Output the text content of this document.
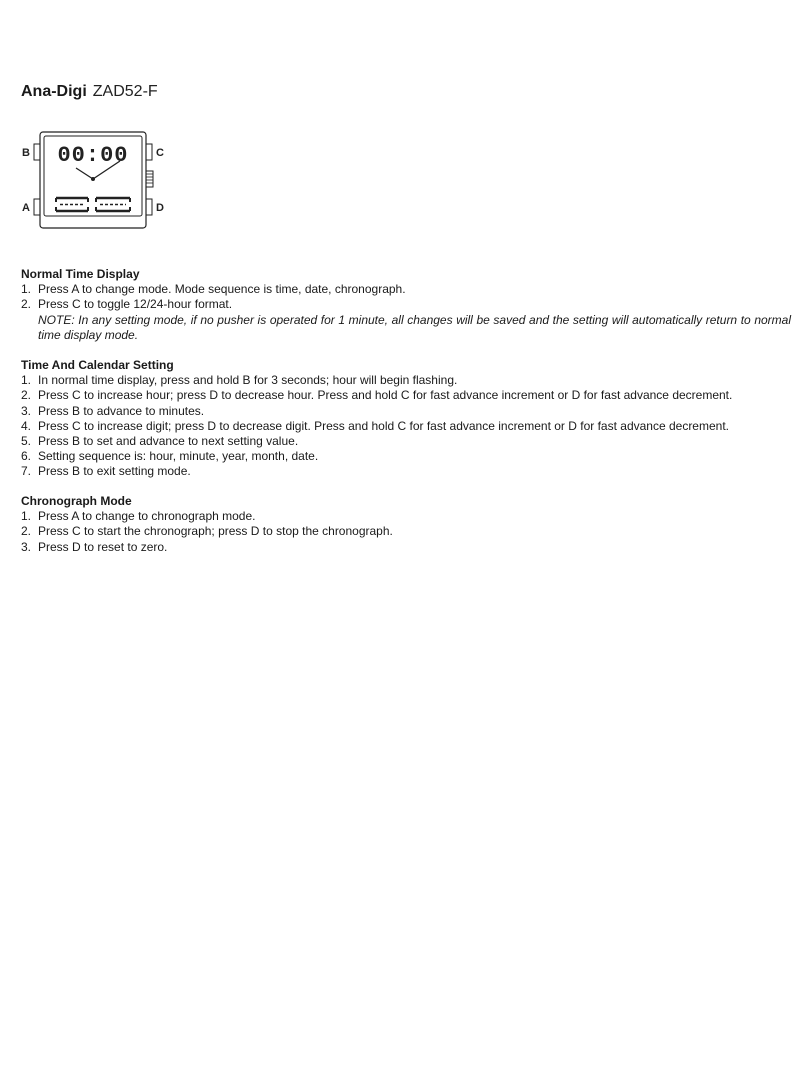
Ana-Digi ZAD52-F
B
A
C
D
00:00
Normal Time Display
1. Press A to change mode. Mode sequence is time, date, chronograph.
2. Press C to toggle 12/24-hour format.
NOTE: In any setting mode, if no pusher is operated for 1 minute, all changes will be saved and the setting will automatically return to normal time display mode.
Time And Calendar Setting
1. In normal time display, press and hold B for 3 seconds; hour will begin flashing.
2. Press C to increase hour; press D to decrease hour. Press and hold C for fast advance increment or D for fast advance decrement.
3. Press B to advance to minutes.
4. Press C to increase digit; press D to decrease digit. Press and hold C for fast advance increment or D for fast advance decrement.
5. Press B to set and advance to next setting value.
6. Setting sequence is: hour, minute, year, month, date.
7. Press B to exit setting mode.
Chronograph Mode
1. Press A to change to chronograph mode.
2. Press C to start the chronograph; press D to stop the chronograph.
3. Press D to reset to zero.
